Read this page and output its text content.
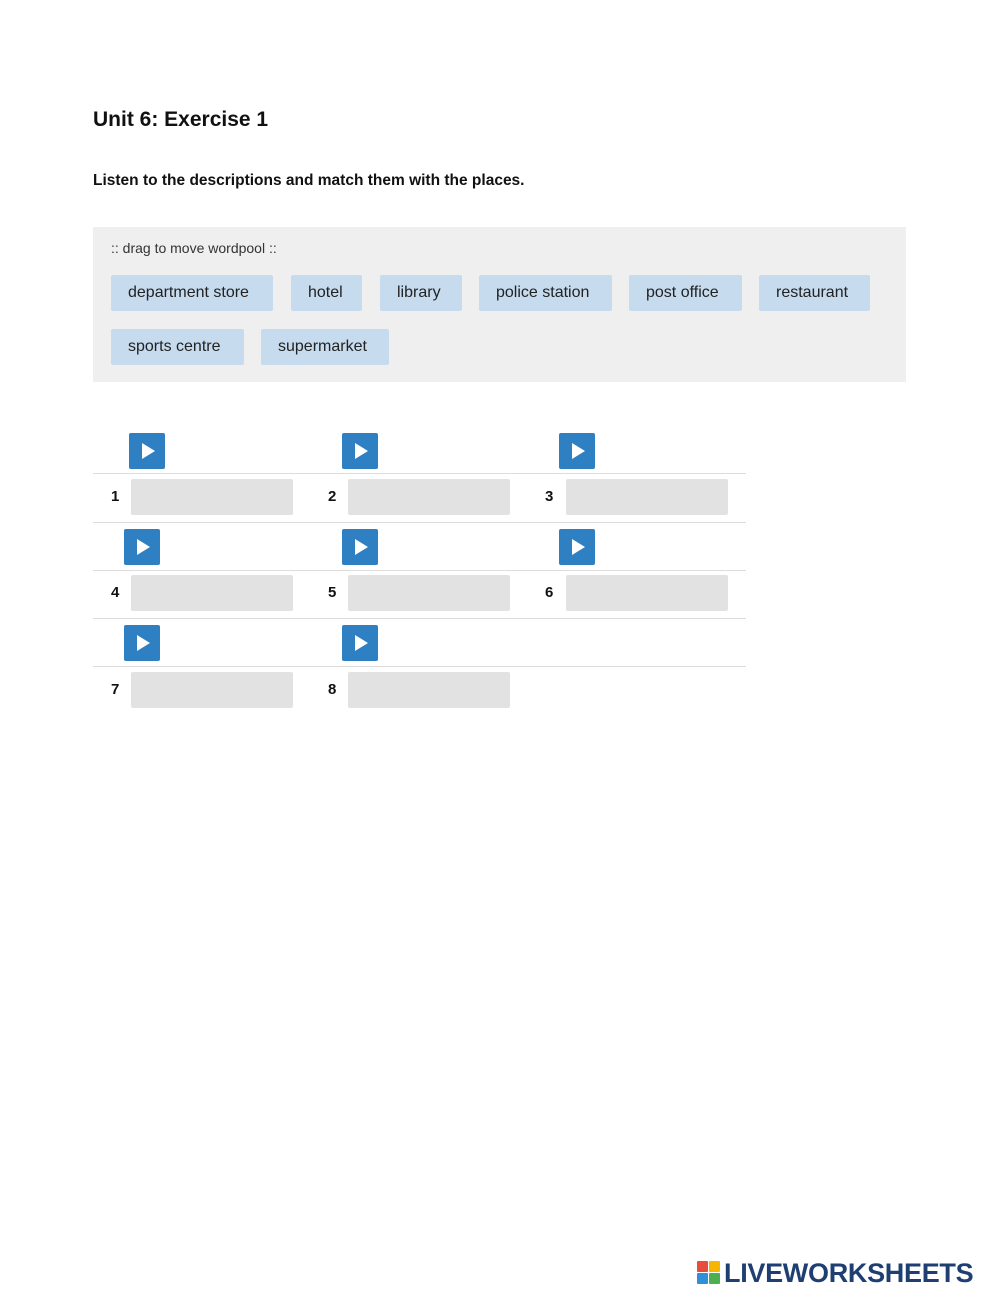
Unit 6: Exercise 1

Listen to the descriptions and match them with the places.

:: drag to move wordpool ::
department store	hotel	library	police station	post office	restaurant
sports centre	supermarket
1	2	3
4	5	6
7	8
LIVEWORKSHEETS
